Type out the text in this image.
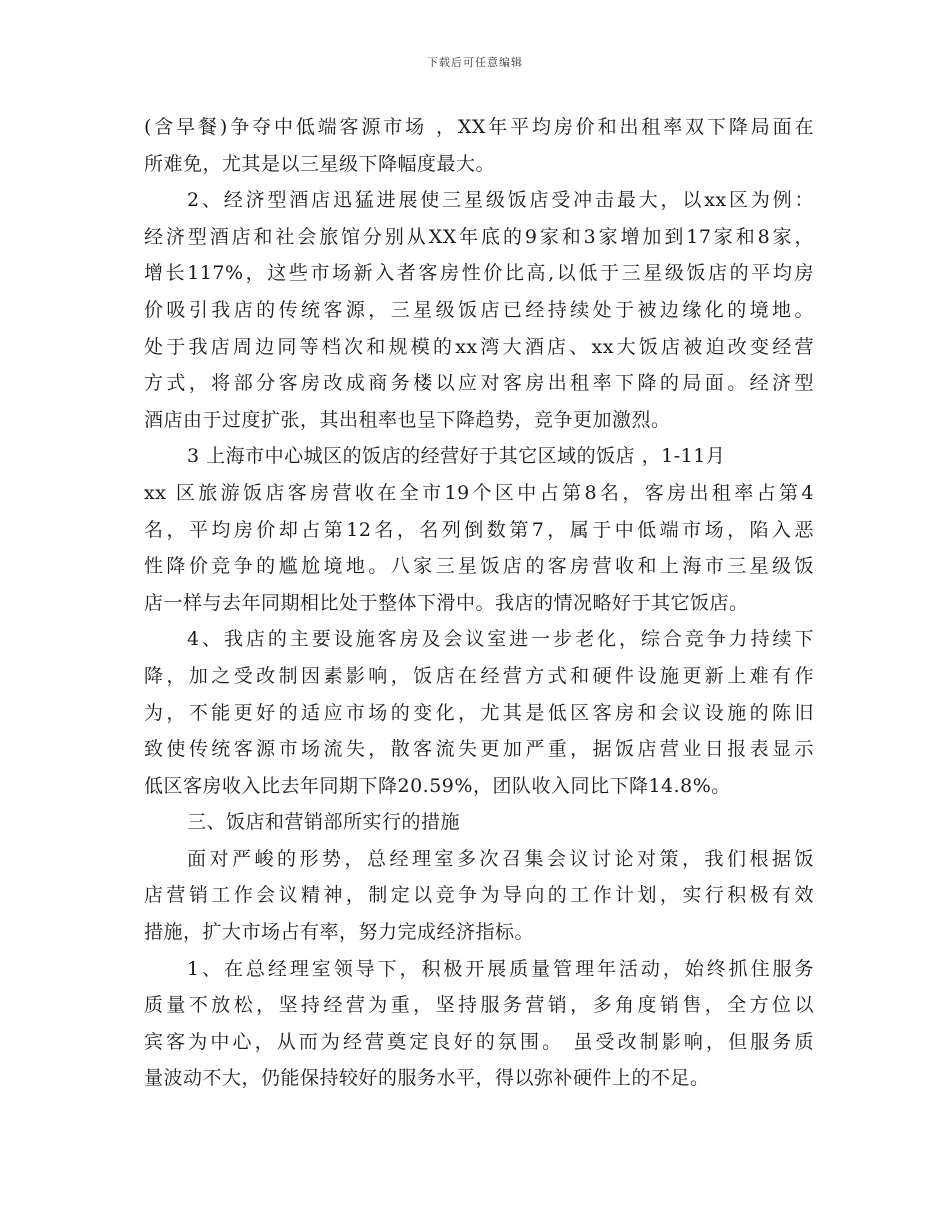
下载后可任意编辑
(含早餐)争夺中低端客源市场 ，XX年平均房价和出租率双下降局面在
所难免，尤其是以三星级下降幅度最大。
2、经济型酒店迅猛进展使三星级饭店受冲击最大，以xx区为例：
经济型酒店和社会旅馆分别从XX年底的9家和3家增加到17家和8家，
增长117%，这些市场新入者客房性价比高,以低于三星级饭店的平均房
价吸引我店的传统客源，三星级饭店已经持续处于被边缘化的境地。
处于我店周边同等档次和规模的xx湾大酒店、xx大饭店被迫改变经营
方式，将部分客房改成商务楼以应对客房出租率下降的局面。经济型
酒店由于过度扩张，其出租率也呈下降趋势，竞争更加激烈。
3 上海市中心城区的饭店的经营好于其它区域的饭店 ，1-11月
xx 区旅游饭店客房营收在全市19个区中占第8名，客房出租率占第4
名，平均房价却占第12名，名列倒数第7，属于中低端市场，陷入恶
性降价竞争的尴尬境地。八家三星饭店的客房营收和上海市三星级饭
店一样与去年同期相比处于整体下滑中。我店的情况略好于其它饭店。
4、我店的主要设施客房及会议室进一步老化，综合竞争力持续下
降，加之受改制因素影响，饭店在经营方式和硬件设施更新上难有作
为，不能更好的适应市场的变化，尤其是低区客房和会议设施的陈旧
致使传统客源市场流失，散客流失更加严重，据饭店营业日报表显示
低区客房收入比去年同期下降20.59%，团队收入同比下降14.8%。
三、饭店和营销部所实行的措施
面对严峻的形势，总经理室多次召集会议讨论对策，我们根据饭
店营销工作会议精神，制定以竞争为导向的工作计划，实行积极有效
措施，扩大市场占有率，努力完成经济指标。
1、在总经理室领导下，积极开展质量管理年活动，始终抓住服务
质量不放松，坚持经营为重，坚持服务营销，多角度销售，全方位以
宾客为中心，从而为经营奠定良好的氛围。 虽受改制影响，但服务质
量波动不大，仍能保持较好的服务水平，得以弥补硬件上的不足。
